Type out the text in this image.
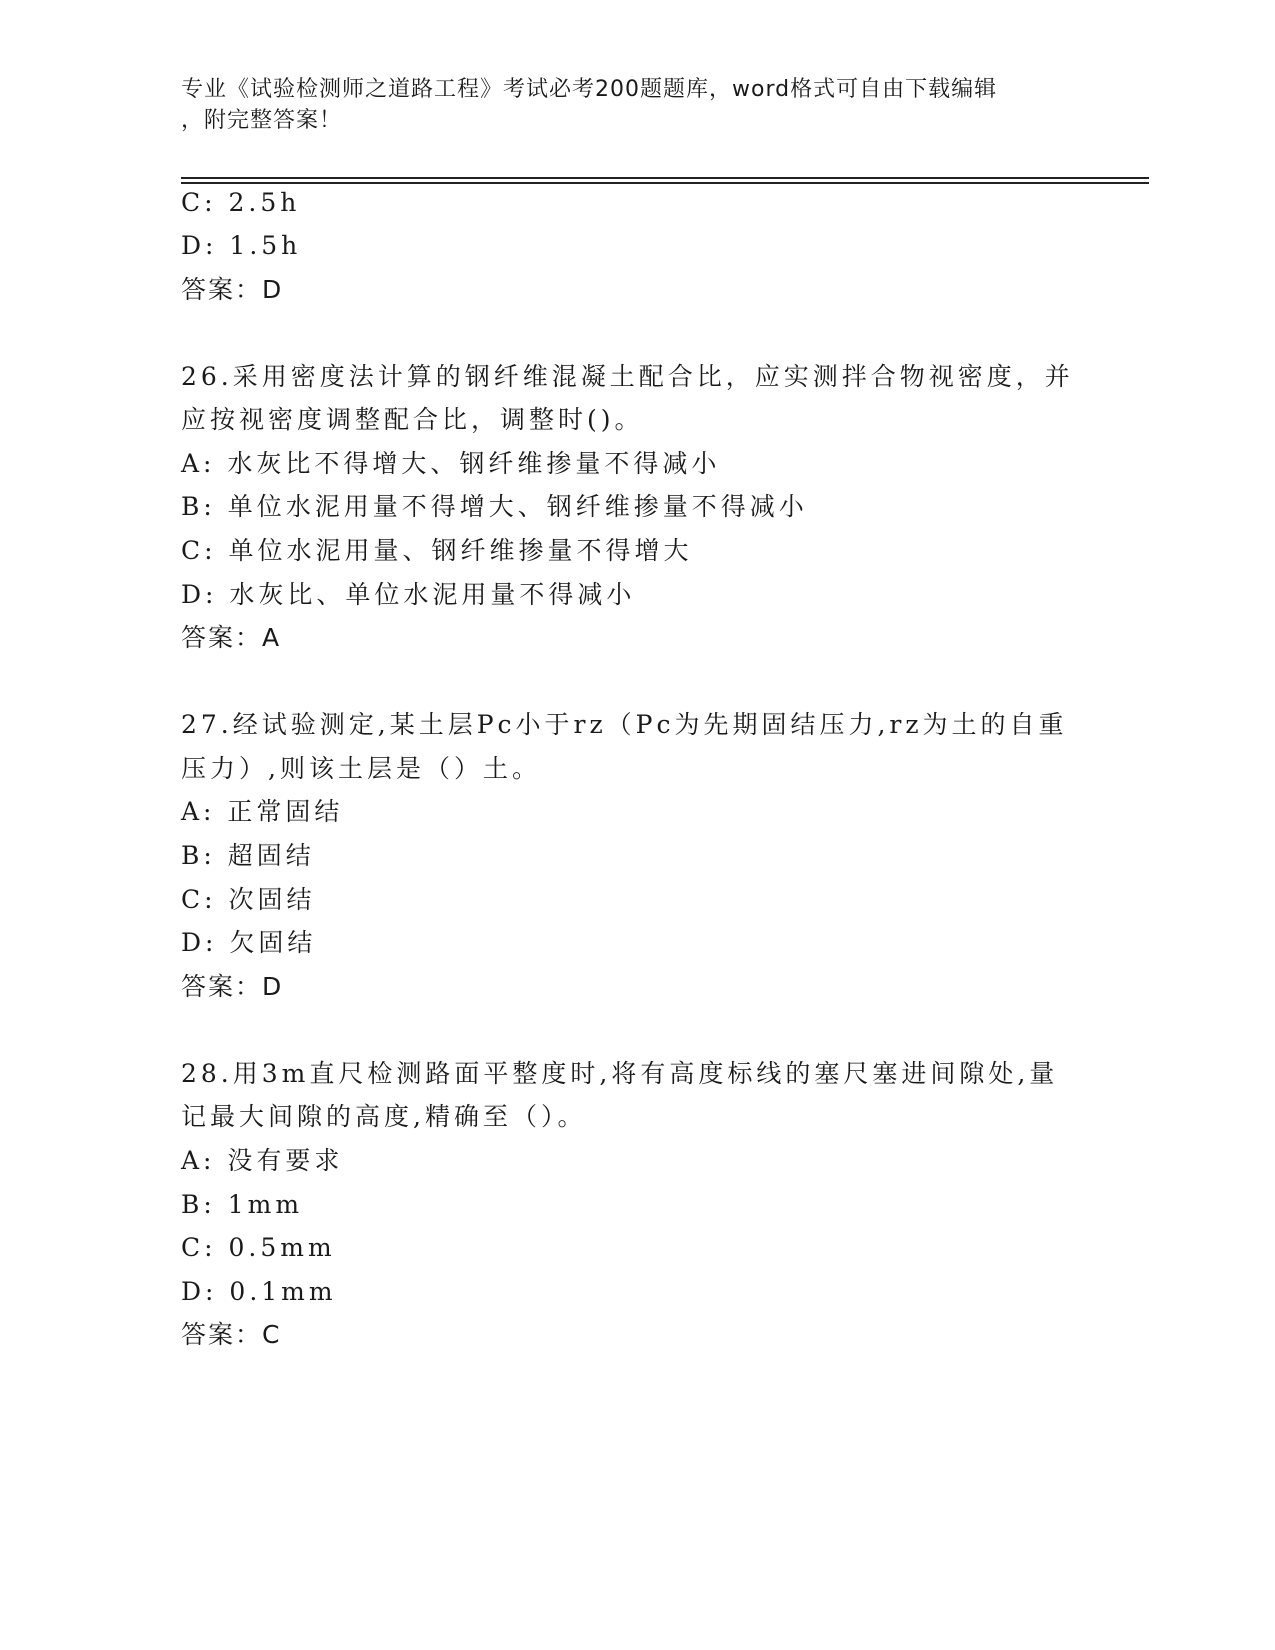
专业《试验检测师之道路工程》考试必考200题题库，word格式可自由下载编辑
，附完整答案！
C: 2.5h
D: 1.5h
答案：D
26.采用密度法计算的钢纤维混凝土配合比，应实测拌合物视密度，并
应按视密度调整配合比，调整时()。
A: 水灰比不得增大、钢纤维掺量不得减小
B: 单位水泥用量不得增大、钢纤维掺量不得减小
C: 单位水泥用量、钢纤维掺量不得增大
D: 水灰比、单位水泥用量不得减小
答案：A
27.经试验测定,某土层Pc小于rz（Pc为先期固结压力,rz为土的自重
压力）,则该土层是（）土。
A: 正常固结
B: 超固结
C: 次固结
D: 欠固结
答案：D
28.用3m直尺检测路面平整度时,将有高度标线的塞尺塞进间隙处,量
记最大间隙的高度,精确至（）。
A: 没有要求
B: 1mm
C: 0.5mm
D: 0.1mm
答案：C
